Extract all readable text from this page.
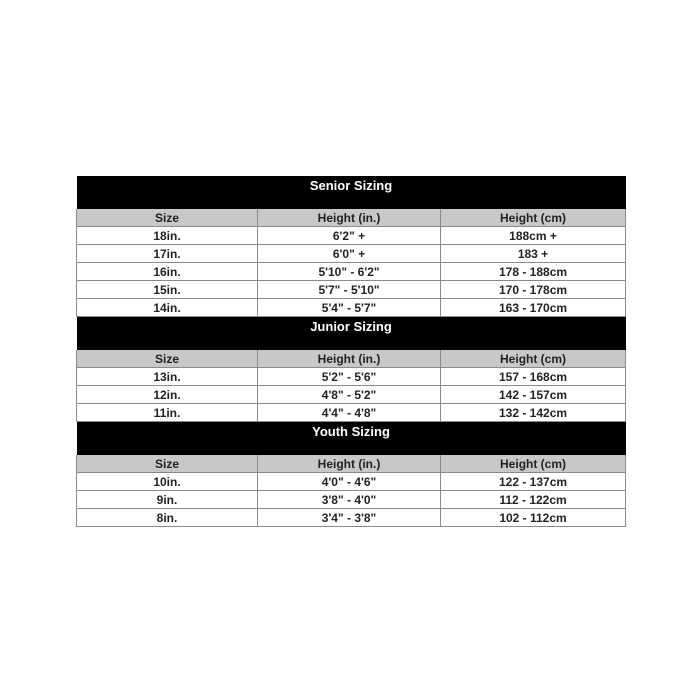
Senior Sizing		
Size	Height (in.)	Height (cm)
18in.	6'2" +	188cm +
17in.	6'0" +	183 +
16in.	5'10" - 6'2"	178 - 188cm
15in.	5'7" - 5'10"	170 - 178cm
14in.	5'4" - 5'7"	163 - 170cm
Junior Sizing		
Size	Height (in.)	Height (cm)
13in.	5'2" - 5'6"	157 - 168cm
12in.	4'8" - 5'2"	142 - 157cm
11in.	4'4" - 4'8"	132 - 142cm
Youth Sizing		
Size	Height (in.)	Height (cm)
10in.	4'0" - 4'6"	122 - 137cm
9in.	3'8" - 4'0"	112 - 122cm
8in.	3'4" - 3'8"	102 - 112cm
